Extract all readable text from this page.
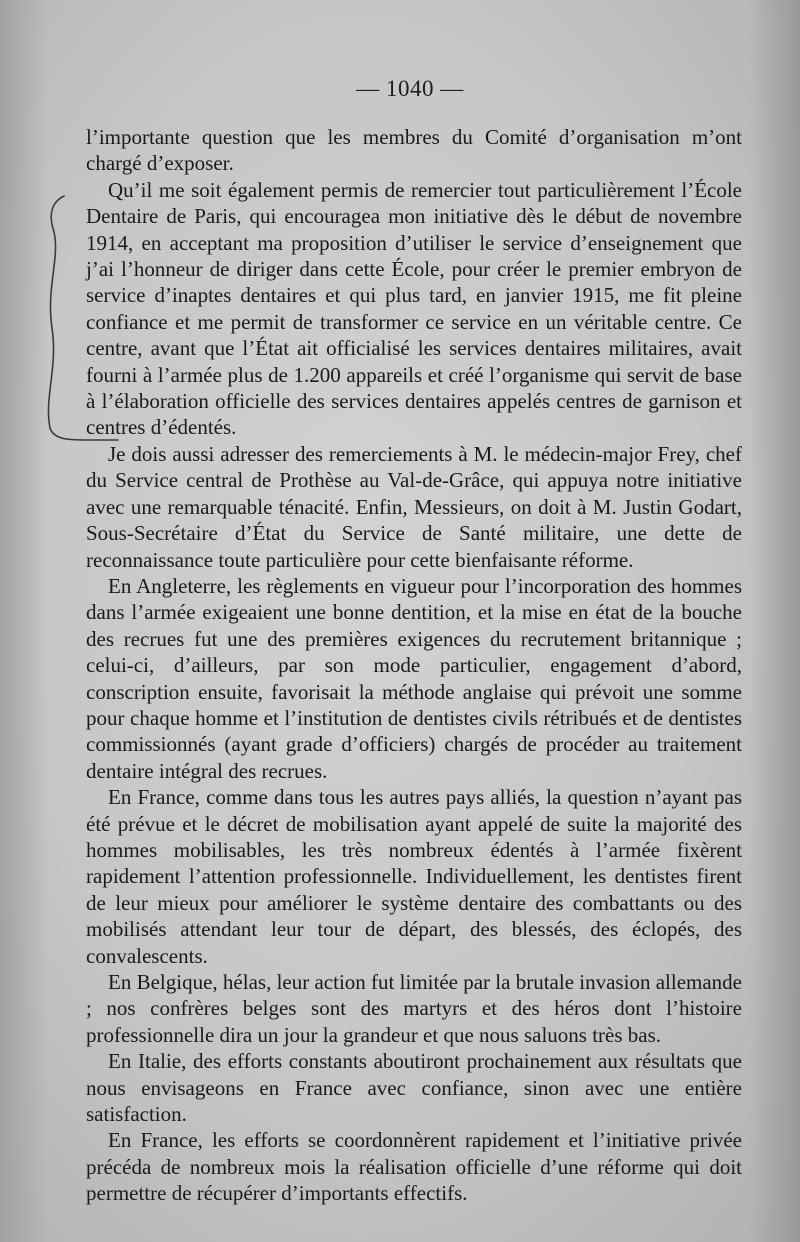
— 1040 —

l’importante question que les membres du Comité d’organisation m’ont chargé d’exposer.

Qu’il me soit également permis de remercier tout particulièrement l’École Dentaire de Paris, qui encouragea mon initiative dès le début de novembre 1914, en acceptant ma proposition d’utiliser le service d’enseignement que j’ai l’honneur de diriger dans cette École, pour créer le premier embryon de service d’inaptes dentaires et qui plus tard, en janvier 1915, me fit pleine confiance et me permit de transformer ce service en un véritable centre. Ce centre, avant que l’État ait officialisé les services dentaires militaires, avait fourni à l’armée plus de 1.200 appareils et créé l’organisme qui servit de base à l’élaboration officielle des services dentaires appelés centres de garnison et centres d’édentés.

Je dois aussi adresser des remerciements à M. le médecin-major Frey, chef du Service central de Prothèse au Val-de-Grâce, qui appuya notre initiative avec une remarquable ténacité. Enfin, Messieurs, on doit à M. Justin Godart, Sous-Secrétaire d’État du Service de Santé militaire, une dette de reconnaissance toute particulière pour cette bienfaisante réforme.

En Angleterre, les règlements en vigueur pour l’incorporation des hommes dans l’armée exigeaient une bonne dentition, et la mise en état de la bouche des recrues fut une des premières exigences du recrutement britannique ; celui-ci, d’ailleurs, par son mode particulier, engagement d’abord, conscription ensuite, favorisait la méthode anglaise qui prévoit une somme pour chaque homme et l’institution de dentistes civils rétribués et de dentistes commissionnés (ayant grade d’officiers) chargés de procéder au traitement dentaire intégral des recrues.

En France, comme dans tous les autres pays alliés, la question n’ayant pas été prévue et le décret de mobilisation ayant appelé de suite la majorité des hommes mobilisables, les très nombreux édentés à l’armée fixèrent rapidement l’attention professionnelle. Individuellement, les dentistes firent de leur mieux pour améliorer le système dentaire des combattants ou des mobilisés attendant leur tour de départ, des blessés, des éclopés, des convalescents.

En Belgique, hélas, leur action fut limitée par la brutale invasion allemande ; nos confrères belges sont des martyrs et des héros dont l’histoire professionnelle dira un jour la grandeur et que nous saluons très bas.

En Italie, des efforts constants aboutiront prochainement aux résultats que nous envisageons en France avec confiance, sinon avec une entière satisfaction.

En France, les efforts se coordonnèrent rapidement et l’initiative privée précéda de nombreux mois la réalisation officielle d’une réforme qui doit permettre de récupérer d’importants effectifs.
